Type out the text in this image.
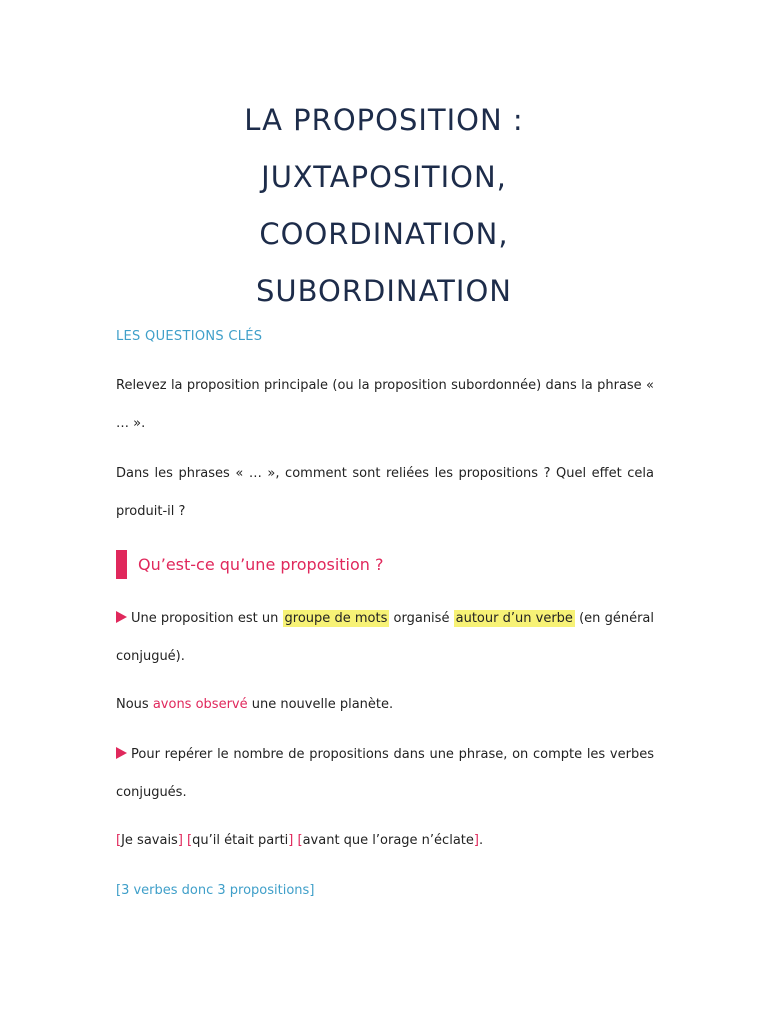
LA PROPOSITION :
JUXTAPOSITION,
COORDINATION,
SUBORDINATION
LES QUESTIONS CLÉS
Relevez la proposition principale (ou la proposition subordonnée) dans la phrase « … ».
Dans les phrases « … », comment sont reliées les propositions ? Quel effet cela produit-il ?
Qu’est-ce qu’une proposition ?
Une proposition est un groupe de mots organisé autour d’un verbe (en général conjugué).
Nous avons observé une nouvelle planète.
Pour repérer le nombre de propositions dans une phrase, on compte les verbes conjugués.
[Je savais] [qu’il était parti] [avant que l’orage n’éclate].
[3 verbes donc 3 propositions]
